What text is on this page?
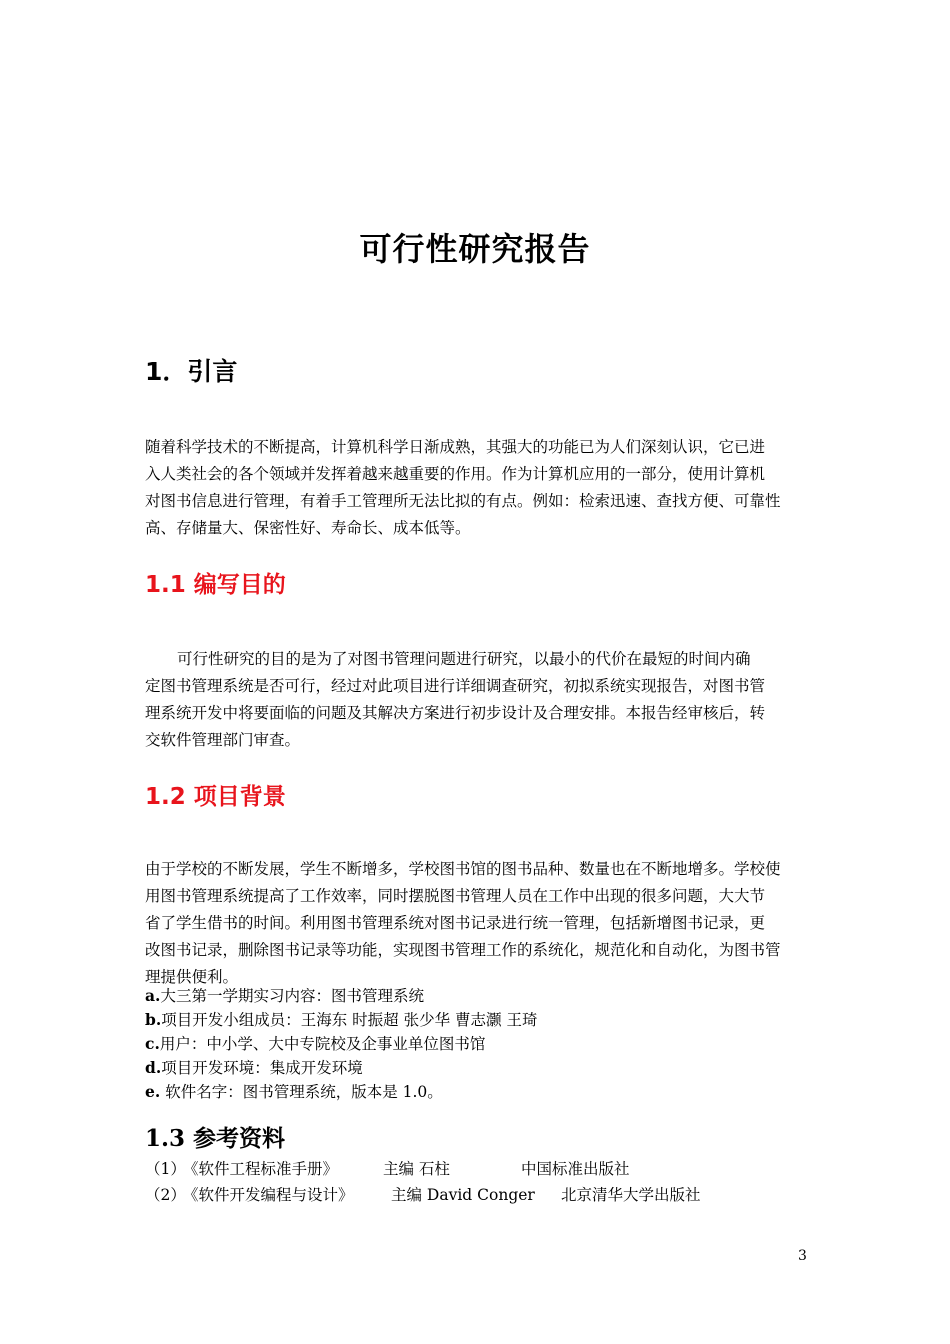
可行性研究报告
1．引言
随着科学技术的不断提高，计算机科学日渐成熟，其强大的功能已为人们深刻认识，它已进
入人类社会的各个领域并发挥着越来越重要的作用。作为计算机应用的一部分，使用计算机
对图书信息进行管理，有着手工管理所无法比拟的有点。例如：检索迅速、查找方便、可靠性
高、存储量大、保密性好、寿命长、成本低等。
1.1 编写目的
可行性研究的目的是为了对图书管理问题进行研究，以最小的代价在最短的时间内确
定图书管理系统是否可行，经过对此项目进行详细调查研究，初拟系统实现报告，对图书管
理系统开发中将要面临的问题及其解决方案进行初步设计及合理安排。本报告经审核后，转
交软件管理部门审查。
1.2 项目背景
由于学校的不断发展，学生不断增多，学校图书馆的图书品种、数量也在不断地增多。学校使
用图书管理系统提高了工作效率，同时摆脱图书管理人员在工作中出现的很多问题，大大节
省了学生借书的时间。利用图书管理系统对图书记录进行统一管理，包括新增图书记录，更
改图书记录，删除图书记录等功能，实现图书管理工作的系统化，规范化和自动化，为图书管
理提供便利。
a.大三第一学期实习内容：图书管理系统
b.项目开发小组成员：王海东 时振超 张少华 曹志灏 王琦
c.用户：中小学、大中专院校及企事业单位图书馆
d.项目开发环境：集成开发环境
e. 软件名字：图书管理系统，版本是 1.0。
1.3 参考资料
（1）《软件工程标准手册》	主编 石柱	中国标准出版社
（2）《软件开发编程与设计》 主编 David Conger 北京清华大学出版社
3
